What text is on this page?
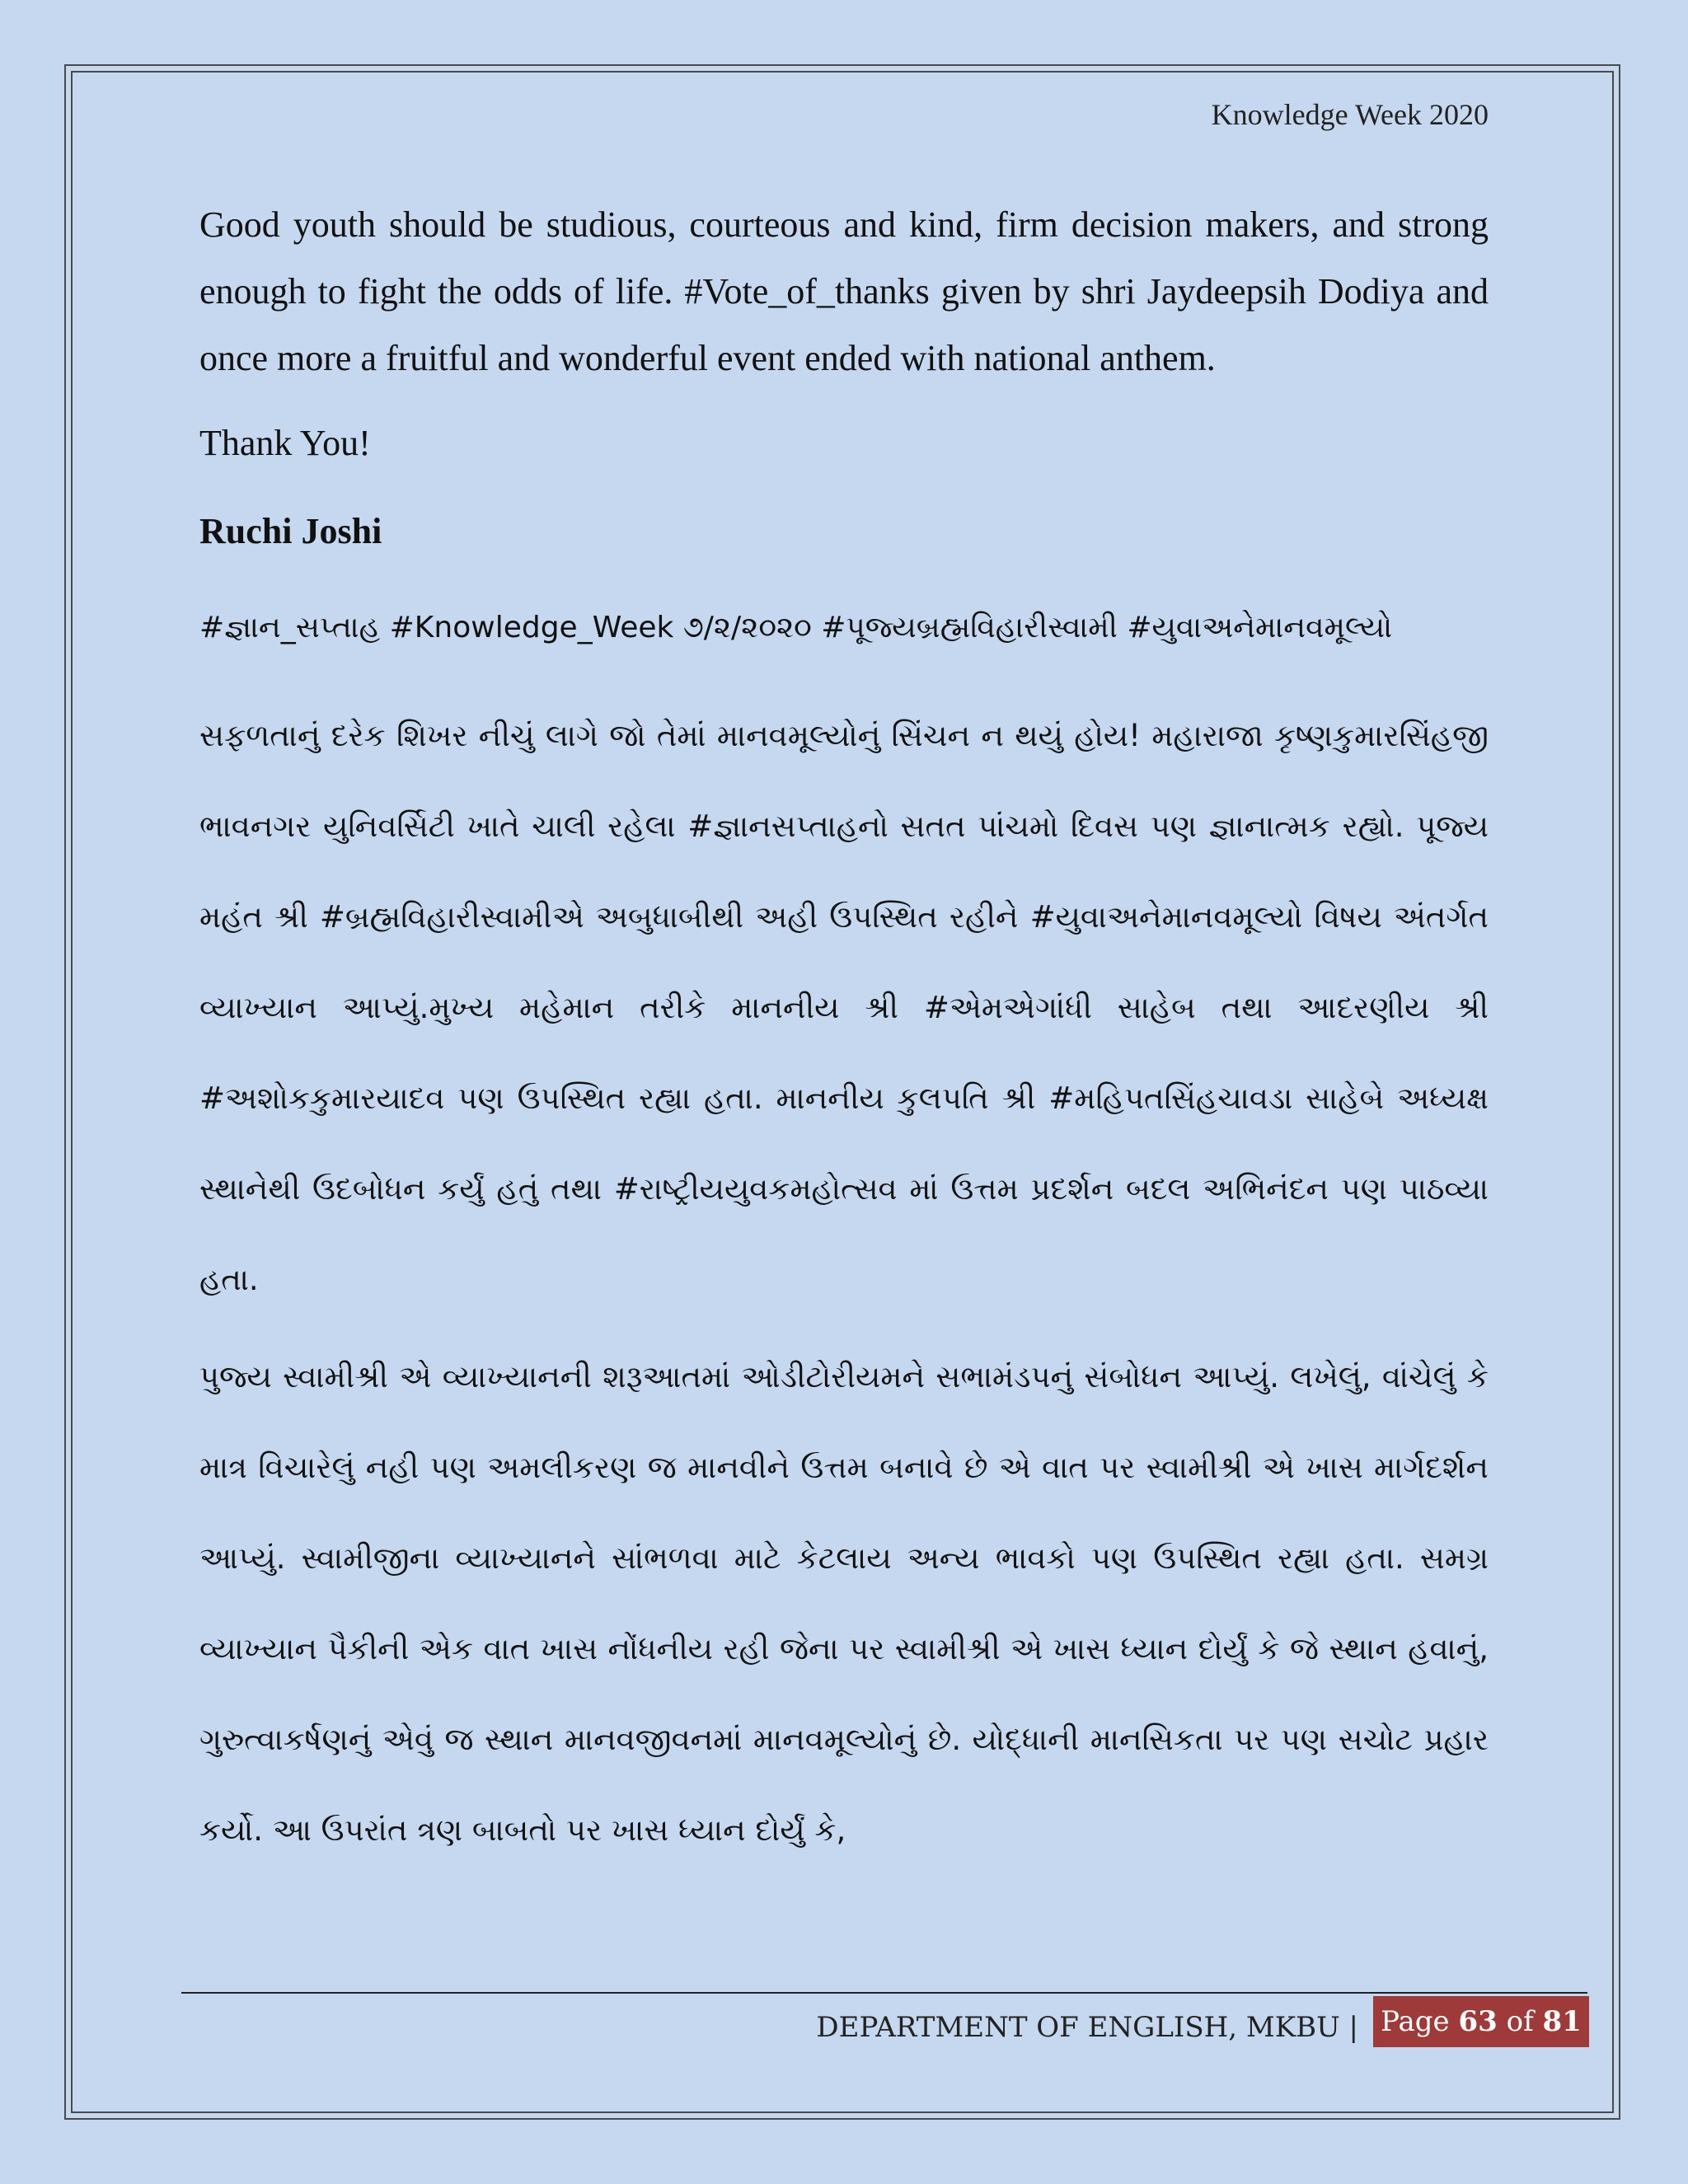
Knowledge Week 2020

Good youth should be studious, courteous and kind, firm decision makers, and strong enough to fight the odds of life. #Vote_of_thanks given by shri Jaydeepsih Dodiya and once more a fruitful and wonderful event ended with national anthem.

Thank You!

Ruchi Joshi

#જ્ઞાન_સપ્તાહ #Knowledge_Week ૭/૨/૨૦૨૦ #પૂજ્યબ્રહ્મવિહારીસ્વામી #યુવાઅનેમાનવમૂલ્યો

સફળતાનું દરેક શિખર નીચું લાગે જો તેમાં માનવમૂલ્યોનું સિંચન ન થયું હોય! મહારાજા કૃષ્ણકુમારસિંહજી ભાવનગર યુનિવર્સિટી ખાતે ચાલી રહેલા #જ્ઞાનસપ્તાહનો સતત પાંચમો દિવસ પણ જ્ઞાનાત્મક રહ્યો. પૂજ્ય મહંત શ્રી #બ્રહ્મવિહારીસ્વામીએ અબુધાબીથી અહી ઉપસ્થિત રહીને #યુવાઅનેમાનવમૂલ્યો વિષય અંતર્ગત વ્યાખ્યાન આપ્યું.મુખ્ય મહેમાન તરીકે માનનીય શ્રી #એમએગાંધી સાહેબ તથા આદરણીય શ્રી #અશોકકુમારયાદવ પણ ઉપસ્થિત રહ્યા હતા. માનનીય કુલપતિ શ્રી #મહિપતસિંહચાવડા સાહેબે અધ્યક્ષ સ્થાનેથી ઉદબોધન કર્યું હતું તથા #રાષ્ટ્રીયયુવકમહોત્સવ માં ઉત્તમ પ્રદર્શન બદલ અભિનંદન પણ પાઠવ્યા હતા.

પુજ્ય સ્વામીશ્રી એ વ્યાખ્યાનની શરૂઆતમાં ઓડીટોરીયમને સભામંડપનું સંબોધન આપ્યું. લખેલું, વાંચેલું કે માત્ર વિચારેલું નહી પણ અમલીકરણ જ માનવીને ઉત્તમ બનાવે છે એ વાત પર સ્વામીશ્રી એ ખાસ માર્ગદર્શન આપ્યું. સ્વામીજીના વ્યાખ્યાનને સાંભળવા માટે કેટલાય અન્ય ભાવકો પણ ઉપસ્થિત રહ્યા હતા. સમગ્ર વ્યાખ્યાન પૈકીની એક વાત ખાસ નોંધનીય રહી જેના પર સ્વામીશ્રી એ ખાસ ધ્યાન દોર્યું કે જે સ્થાન હવાનું, ગુરુત્વાકર્ષણનું એવું જ સ્થાન માનવજીવનમાં માનવમૂલ્યોનું છે. યોદ્ધાની માનસિકતા પર પણ સચોટ પ્રહાર કર્યો. આ ઉપરાંત ત્રણ બાબતો પર ખાસ ધ્યાન દોર્યું કે,

DEPARTMENT OF ENGLISH, MKBU | Page 63 of 81
